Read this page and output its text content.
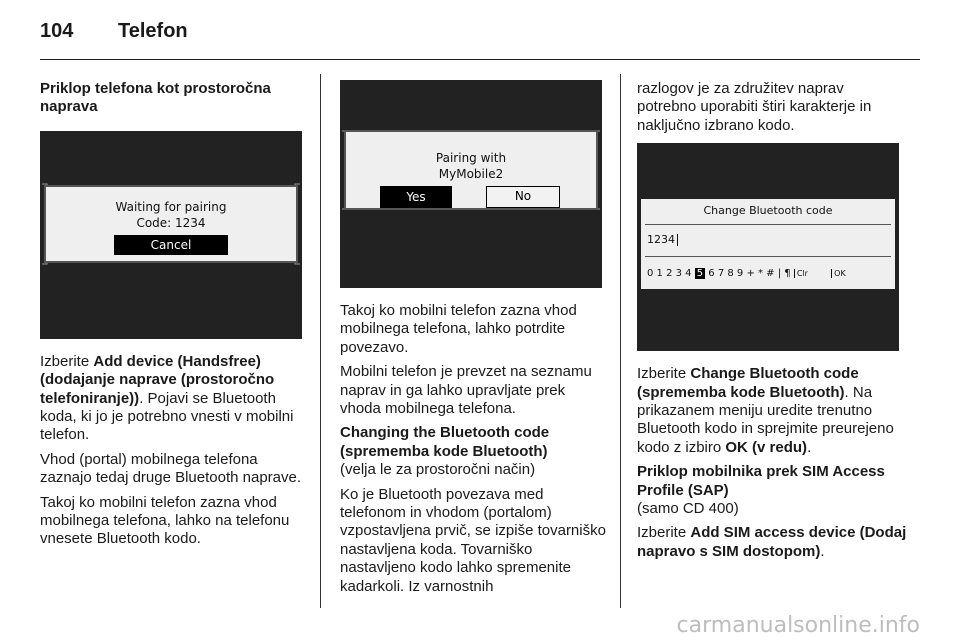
104 Telefon
Priklop telefona kot prostoročna naprava
Waiting for pairing
Code: 1234
Cancel

Izberite Add device (Handsfree) (dodajanje naprave (prostoročno telefoniranje)). Pojavi se Bluetooth koda, ki jo je potrebno vnesti v mobilni telefon.

Vhod (portal) mobilnega telefona zaznajo tedaj druge Bluetooth naprave.

Takoj ko mobilni telefon zazna vhod mobilnega telefona, lahko na telefonu vnesete Bluetooth kodo.

Pairing with
MyMobile2
Yes	No

Takoj ko mobilni telefon zazna vhod mobilnega telefona, lahko potrdite povezavo.

Mobilni telefon je prevzet na seznamu naprav in ga lahko upravljate prek vhoda mobilnega telefona.

Changing the Bluetooth code (sprememba kode Bluetooth)

(velja le za prostoročni način)

Ko je Bluetooth povezava med telefonom in vhodom (portalom) vzpostavljena prvič, se izpiše tovarniško nastavljena koda. Tovarniško nastavljeno kodo lahko spremenite kadarkoli. Iz varnostnih

razlogov je za združitev naprav potrebno uporabiti štiri karakterje in naključno izbrano kodo.

Change Bluetooth code
1234
0 1 2 3 4 5 6 7 8 9 + * # | ¶ Clr	OK

Izberite Change Bluetooth code (sprememba kode Bluetooth). Na prikazanem meniju uredite trenutno Bluetooth kodo in sprejmite preurejeno kodo z izbiro OK (v redu).

Priklop mobilnika prek SIM Access Profile (SAP)

(samo CD 400)

Izberite Add SIM access device (Dodaj napravo s SIM dostopom).

carmanualsonline.info
